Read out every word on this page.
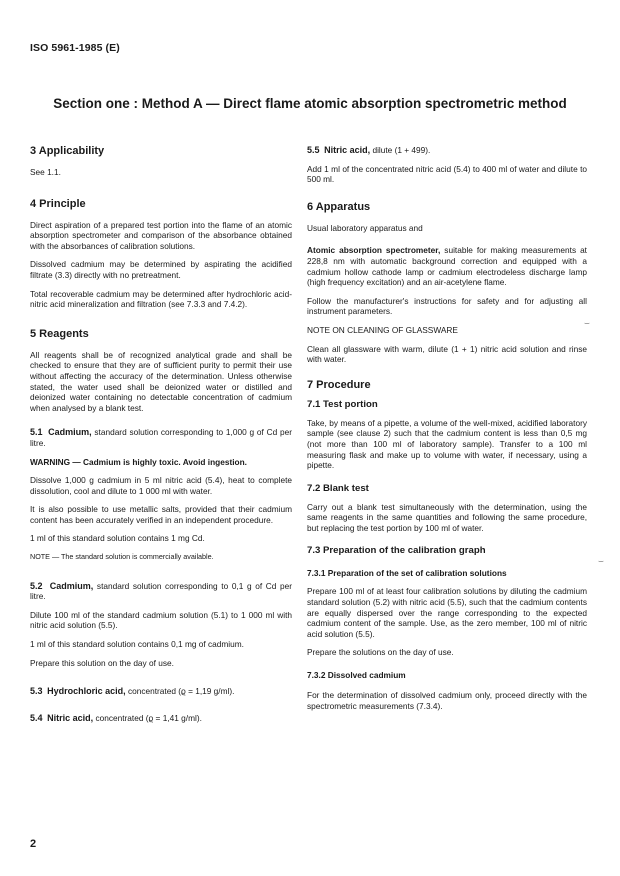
ISO 5961-1985 (E)
Section one : Method A — Direct flame atomic absorption spectrometric method
3 Applicability

See 1.1.

4 Principle

Direct aspiration of a prepared test portion into the flame of an atomic absorption spectrometer and comparison of the absorbance obtained with the absorbances of calibration solutions.

Dissolved cadmium may be determined by aspirating the acidified filtrate (3.3) directly with no pretreatment.

Total recoverable cadmium may be determined after hydrochloric acid-nitric acid mineralization and filtration (see 7.3.3 and 7.4.2).

5 Reagents

All reagents shall be of recognized analytical grade and shall be checked to ensure that they are of sufficient purity to permit their use without affecting the accuracy of the determination. Unless otherwise stated, the water used shall be deionized water or distilled and deionized water containing no detectable concentration of cadmium when analysed by a blank test.

5.1 Cadmium, standard solution corresponding to 1,000 g of Cd per litre.

WARNING — Cadmium is highly toxic. Avoid ingestion.

Dissolve 1,000 g cadmium in 5 ml nitric acid (5.4), heat to complete dissolution, cool and dilute to 1 000 ml with water.

It is also possible to use metallic salts, provided that their cadmium content has been accurately verified in an independent procedure.

1 ml of this standard solution contains 1 mg Cd.

NOTE — The standard solution is commercially available.

5.2 Cadmium, standard solution corresponding to 0,1 g of Cd per litre.

Dilute 100 ml of the standard cadmium solution (5.1) to 1 000 ml with nitric acid solution (5.5).

1 ml of this standard solution contains 0,1 mg of cadmium.

Prepare this solution on the day of use.

5.3 Hydrochloric acid, concentrated (ϱ = 1,19 g/ml).

5.4 Nitric acid, concentrated (ϱ = 1,41 g/ml).

5.5 Nitric acid, dilute (1 + 499).

Add 1 ml of the concentrated nitric acid (5.4) to 400 ml of water and dilute to 500 ml.

6 Apparatus

Usual laboratory apparatus and

Atomic absorption spectrometer, suitable for making measurements at 228,8 nm with automatic background correction and equipped with a cadmium hollow cathode lamp or cadmium electrodeless discharge lamp (high frequency excitation) and an air-acetylene flame.

Follow the manufacturer's instructions for safety and for adjusting all instrument parameters.

NOTE ON CLEANING OF GLASSWARE

Clean all glassware with warm, dilute (1 + 1) nitric acid solution and rinse with water.

7 Procedure
7.1 Test portion

Take, by means of a pipette, a volume of the well-mixed, acidified laboratory sample (see clause 2) such that the cadmium content is less than 0,5 mg (not more than 100 ml of laboratory sample). Transfer to a 100 ml measuring flask and make up to volume with water, if necessary, using a pipette.

7.2 Blank test

Carry out a blank test simultaneously with the determination, using the same reagents in the same quantities and following the same procedure, but replacing the test portion by 100 ml of water.

7.3 Preparation of the calibration graph
7.3.1 Preparation of the set of calibration solutions

Prepare 100 ml of at least four calibration solutions by diluting the cadmium standard solution (5.2) with nitric acid (5.5), such that the cadmium contents are equally dispersed over the range corresponding to the expected cadmium content of the sample. Use, as the zero member, 100 ml of nitric acid solution (5.5).

Prepare the solutions on the day of use.

7.3.2 Dissolved cadmium

For the determination of dissolved cadmium only, proceed directly with the spectrometric measurements (7.3.4).

⌣
⌣
2
